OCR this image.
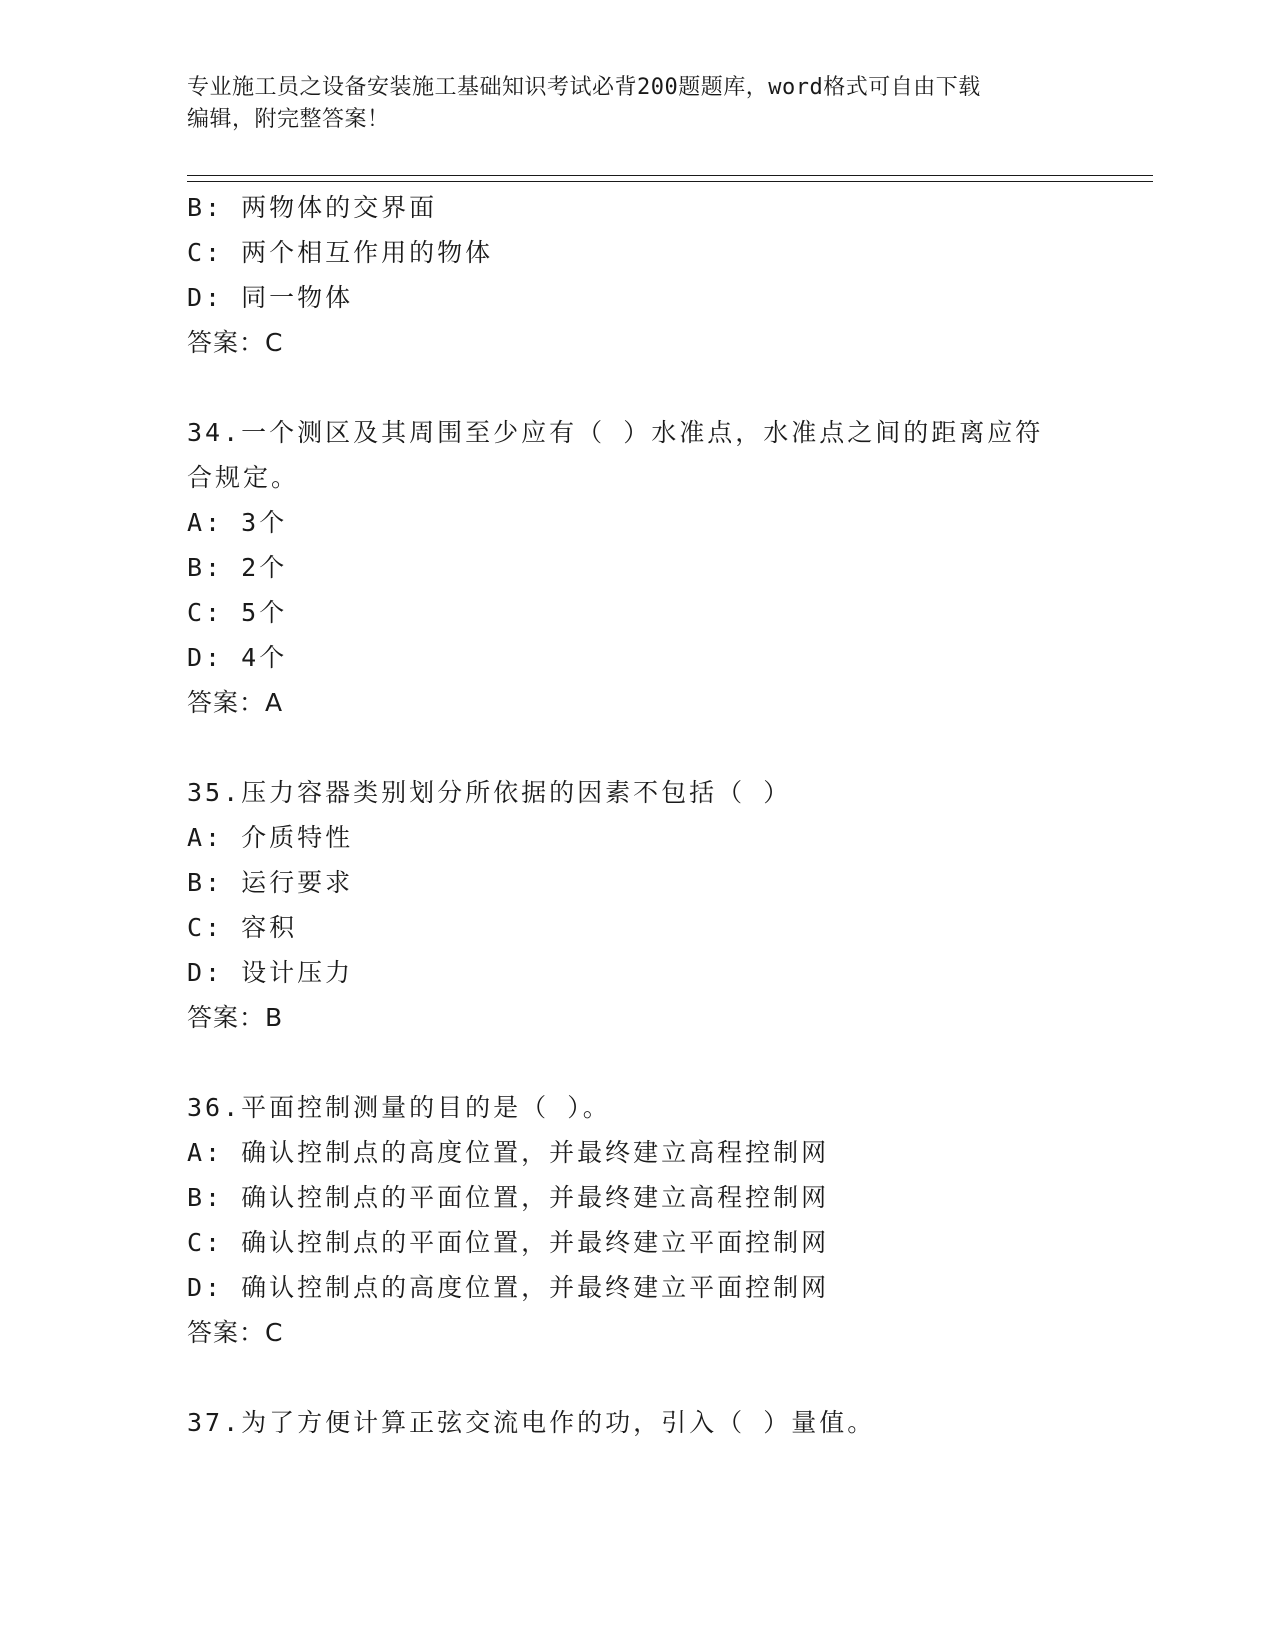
专业施工员之设备安装施工基础知识考试必背200题题库，word格式可自由下载
编辑，附完整答案！
B: 两物体的交界面
C: 两个相互作用的物体
D: 同一物体
答案：C
34.一个测区及其周围至少应有（ ）水准点，水准点之间的距离应符
合规定。
A: 3个
B: 2个
C: 5个
D: 4个
答案：A
35.压力容器类别划分所依据的因素不包括（ ）
A: 介质特性
B: 运行要求
C: 容积
D: 设计压力
答案：B
36.平面控制测量的目的是（ ）。
A: 确认控制点的高度位置，并最终建立高程控制网
B: 确认控制点的平面位置，并最终建立高程控制网
C: 确认控制点的平面位置，并最终建立平面控制网
D: 确认控制点的高度位置，并最终建立平面控制网
答案：C
37.为了方便计算正弦交流电作的功，引入（ ）量值。
